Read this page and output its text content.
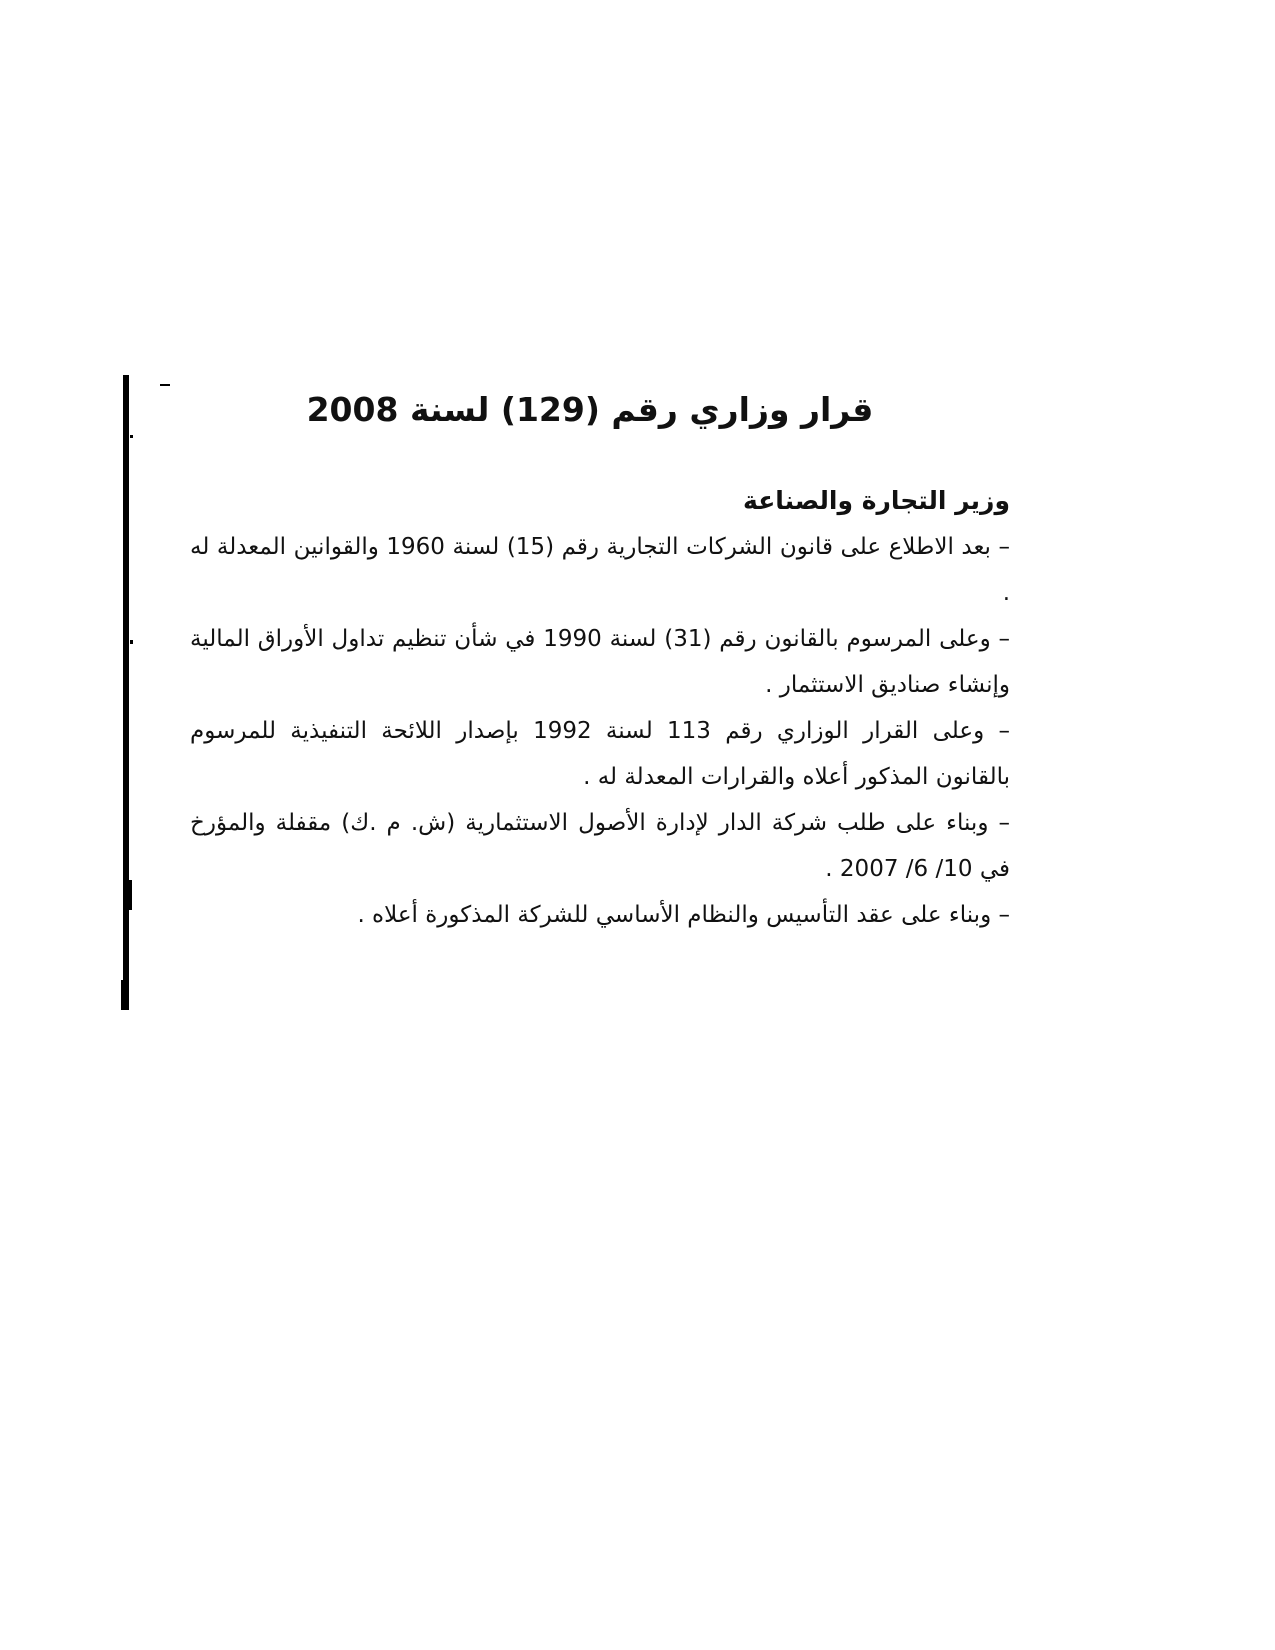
قرار وزاري رقم (129) لسنة 2008
وزير التجارة والصناعة

– بعد الاطلاع على قانون الشركات التجارية رقم (15) لسنة 1960 والقوانين المعدلة له .

– وعلى المرسوم بالقانون رقم (31) لسنة 1990 في شأن تنظيم تداول الأوراق المالية وإنشاء صناديق الاستثمار .

– وعلى القرار الوزاري رقم 113 لسنة 1992 بإصدار اللائحة التنفيذية للمرسوم بالقانون المذكور أعلاه والقرارات المعدلة له .

– وبناء على طلب شركة الدار لإدارة الأصول الاستثمارية (ش. م .ك) مقفلة والمؤرخ في 10/ 6/ 2007 .

– وبناء على عقد التأسيس والنظام الأساسي للشركة المذكورة أعلاه .
